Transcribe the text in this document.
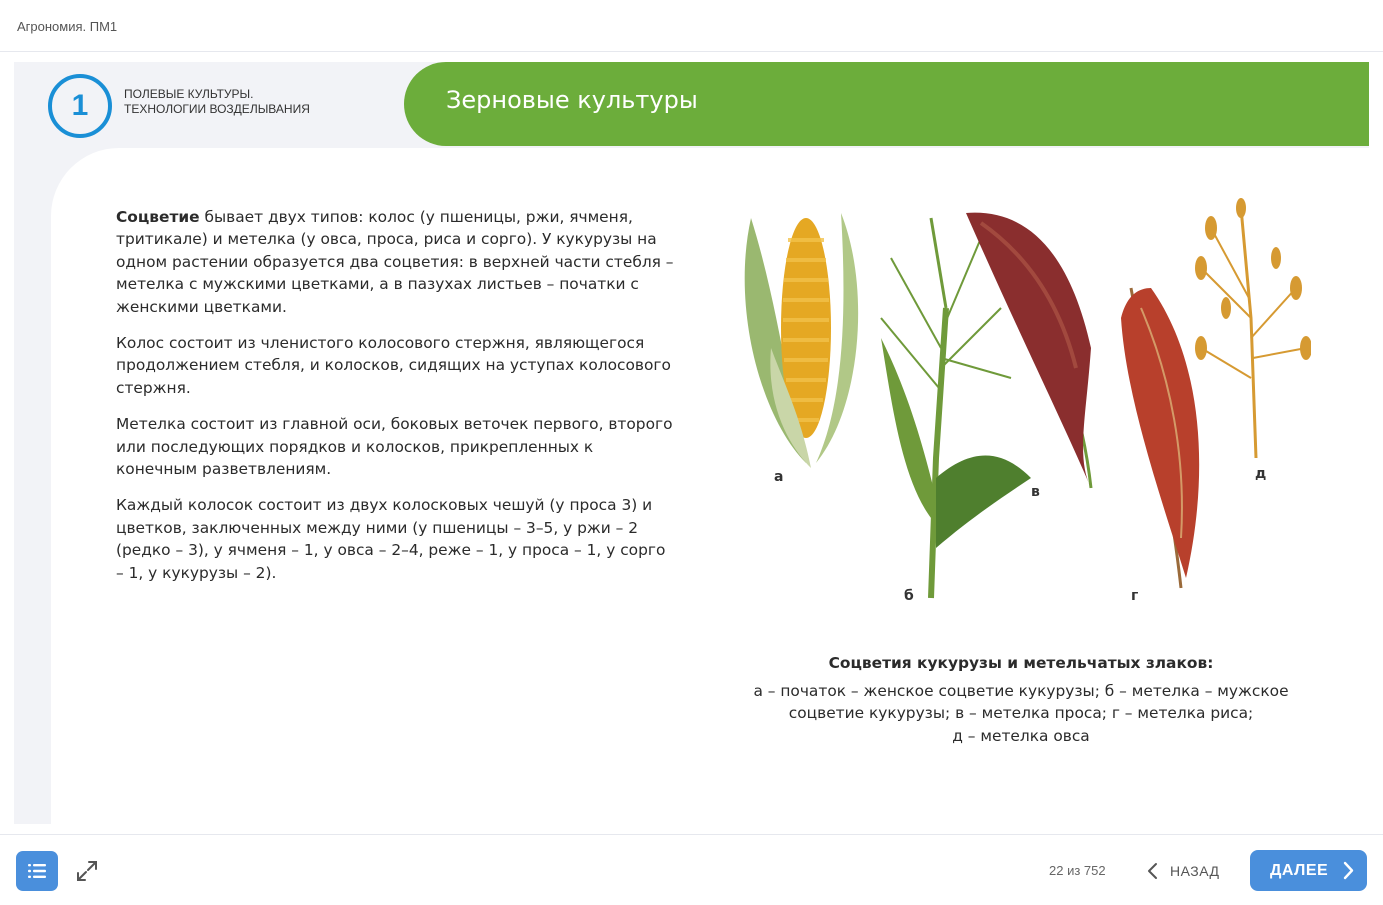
Агрономия. ПМ1
1	ПОЛЕВЫЕ КУЛЬТУРЫ.
ТЕХНОЛОГИИ ВОЗДЕЛЫВАНИЯ	Зерновые культуры

Соцветие бывает двух типов: колос (у пшеницы, ржи, ячменя, тритикале) и метелка (у овса, проса, риса и сорго). У кукурузы на одном растении образуется два соцветия: в верхней части стебля – метелка с мужскими цветками, а в пазухах листьев – початки с женскими цветками.

Колос состоит из членистого колосового стержня, являющегося продолжением стебля, и колосков, сидящих на уступах колосового стержня.

Метелка состоит из главной оси, боковых веточек первого, второго или последующих порядков и колосков, прикрепленных к конечным разветвлениям.

Каждый колосок состоит из двух колосковых чешуй (у проса 3) и цветков, заключенных между ними (у пшеницы – 3–5, у ржи – 2 (редко – 3), у ячменя – 1, у овса – 2–4, реже – 1, у проса – 1, у сорго – 1, у кукурузы – 2).

а
б
в
г
д
Соцветия кукурузы и метельчатых злаков:
а – початок – женское соцветие кукурузы; б – метелка – мужское
соцветие кукурузы; в – метелка проса; г – метелка риса;
д – метелка овса
22 из 752	НАЗАД	ДАЛЕЕ
